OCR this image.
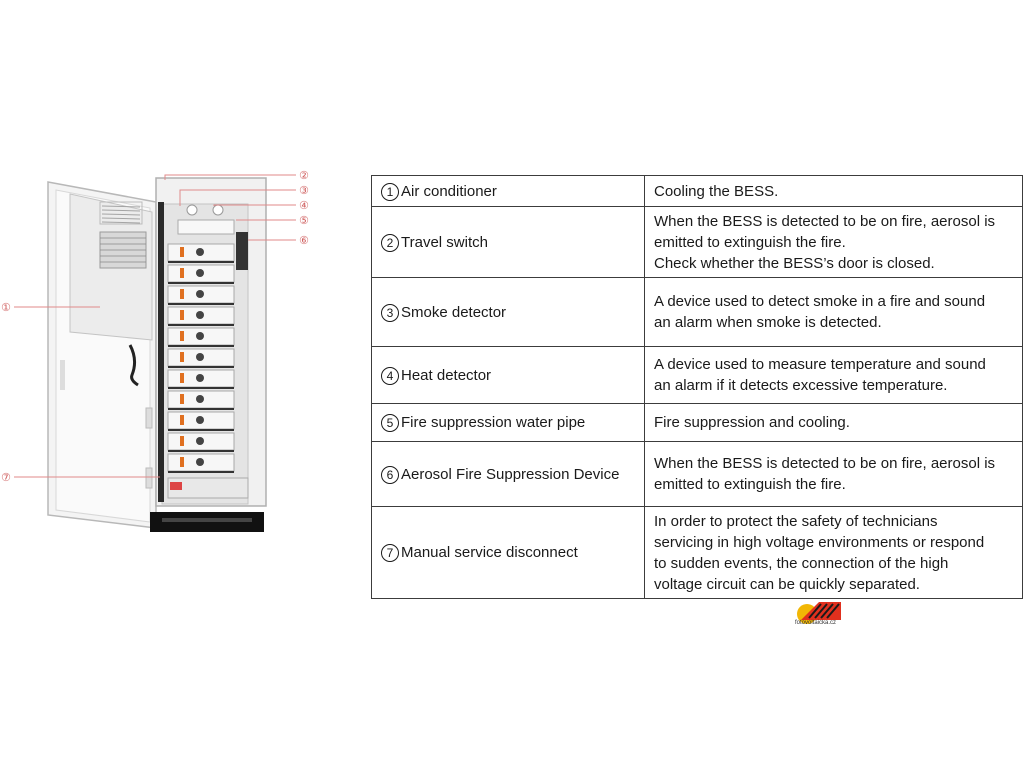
②
③
④
⑤
⑥
①
⑦
1 Air conditioner	Cooling the BESS.

2 Travel switch	When the BESS is detected to be on fire, aerosol is
emitted to extinguish the fire.
Check whether the BESS’s door is closed.

3 Smoke detector	A device used to detect smoke in a fire and sound
an alarm when smoke is detected.

4 Heat detector	A device used to measure temperature and sound
an alarm if it detects excessive temperature.

5 Fire suppression water pipe	Fire suppression and cooling.

6 Aerosol Fire Suppression Device	When the BESS is detected to be on fire, aerosol is
emitted to extinguish the fire.

7 Manual service disconnect	In order to protect the safety of technicians
servicing in high voltage environments or respond
to sudden events, the connection of the high
voltage circuit can be quickly separated.
fotovoltaicka.cz
